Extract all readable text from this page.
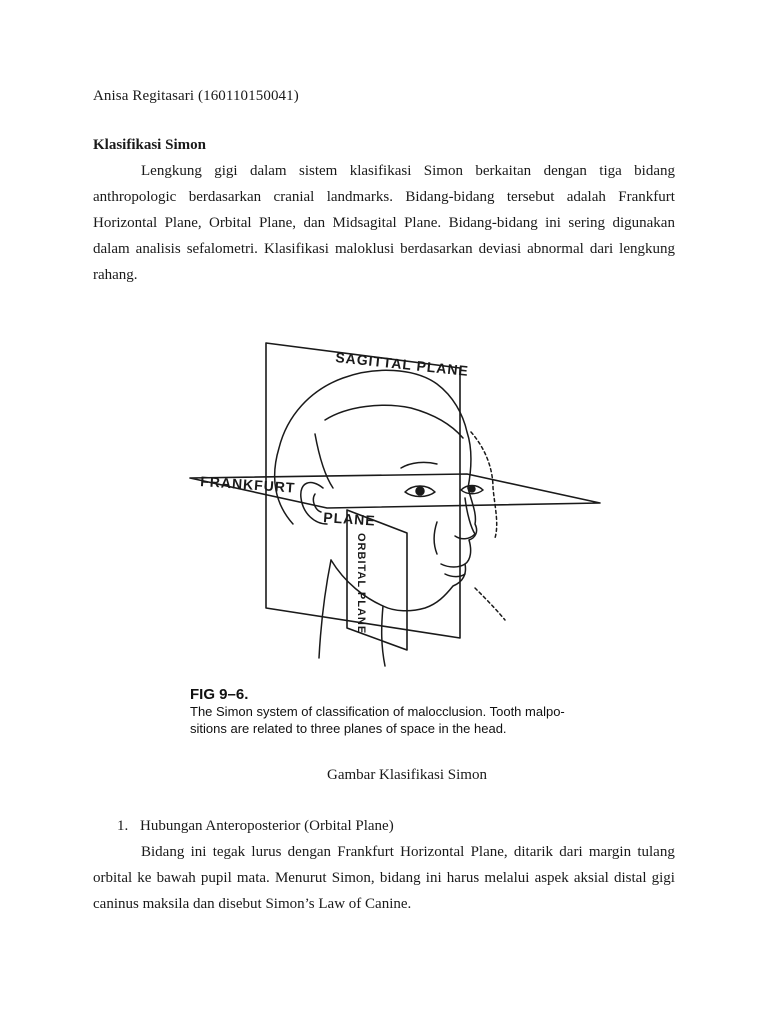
Anisa Regitasari (160110150041)
Klasifikasi Simon
Lengkung gigi dalam sistem klasifikasi Simon berkaitan dengan tiga bidang
anthropologic berdasarkan cranial landmarks. Bidang-bidang tersebut adalah Frankfurt
Horizontal Plane, Orbital Plane, dan Midsagital Plane. Bidang-bidang ini sering digunakan
dalam analisis sefalometri. Klasifikasi maloklusi berdasarkan deviasi abnormal dari lengkung
rahang.
SAGITTAL PLANE
FRANKFURT
PLANE
ORBITAL PLANE
FIG 9–6.
The Simon system of classification of malocclusion. Tooth malpo-
sitions are related to three planes of space in the head.
Gambar Klasifikasi Simon
1. Hubungan Anteroposterior (Orbital Plane)
Bidang ini tegak lurus dengan Frankfurt Horizontal Plane, ditarik dari margin tulang
orbital ke bawah pupil mata. Menurut Simon, bidang ini harus melalui aspek aksial distal gigi
caninus maksila dan disebut Simon’s Law of Canine.
